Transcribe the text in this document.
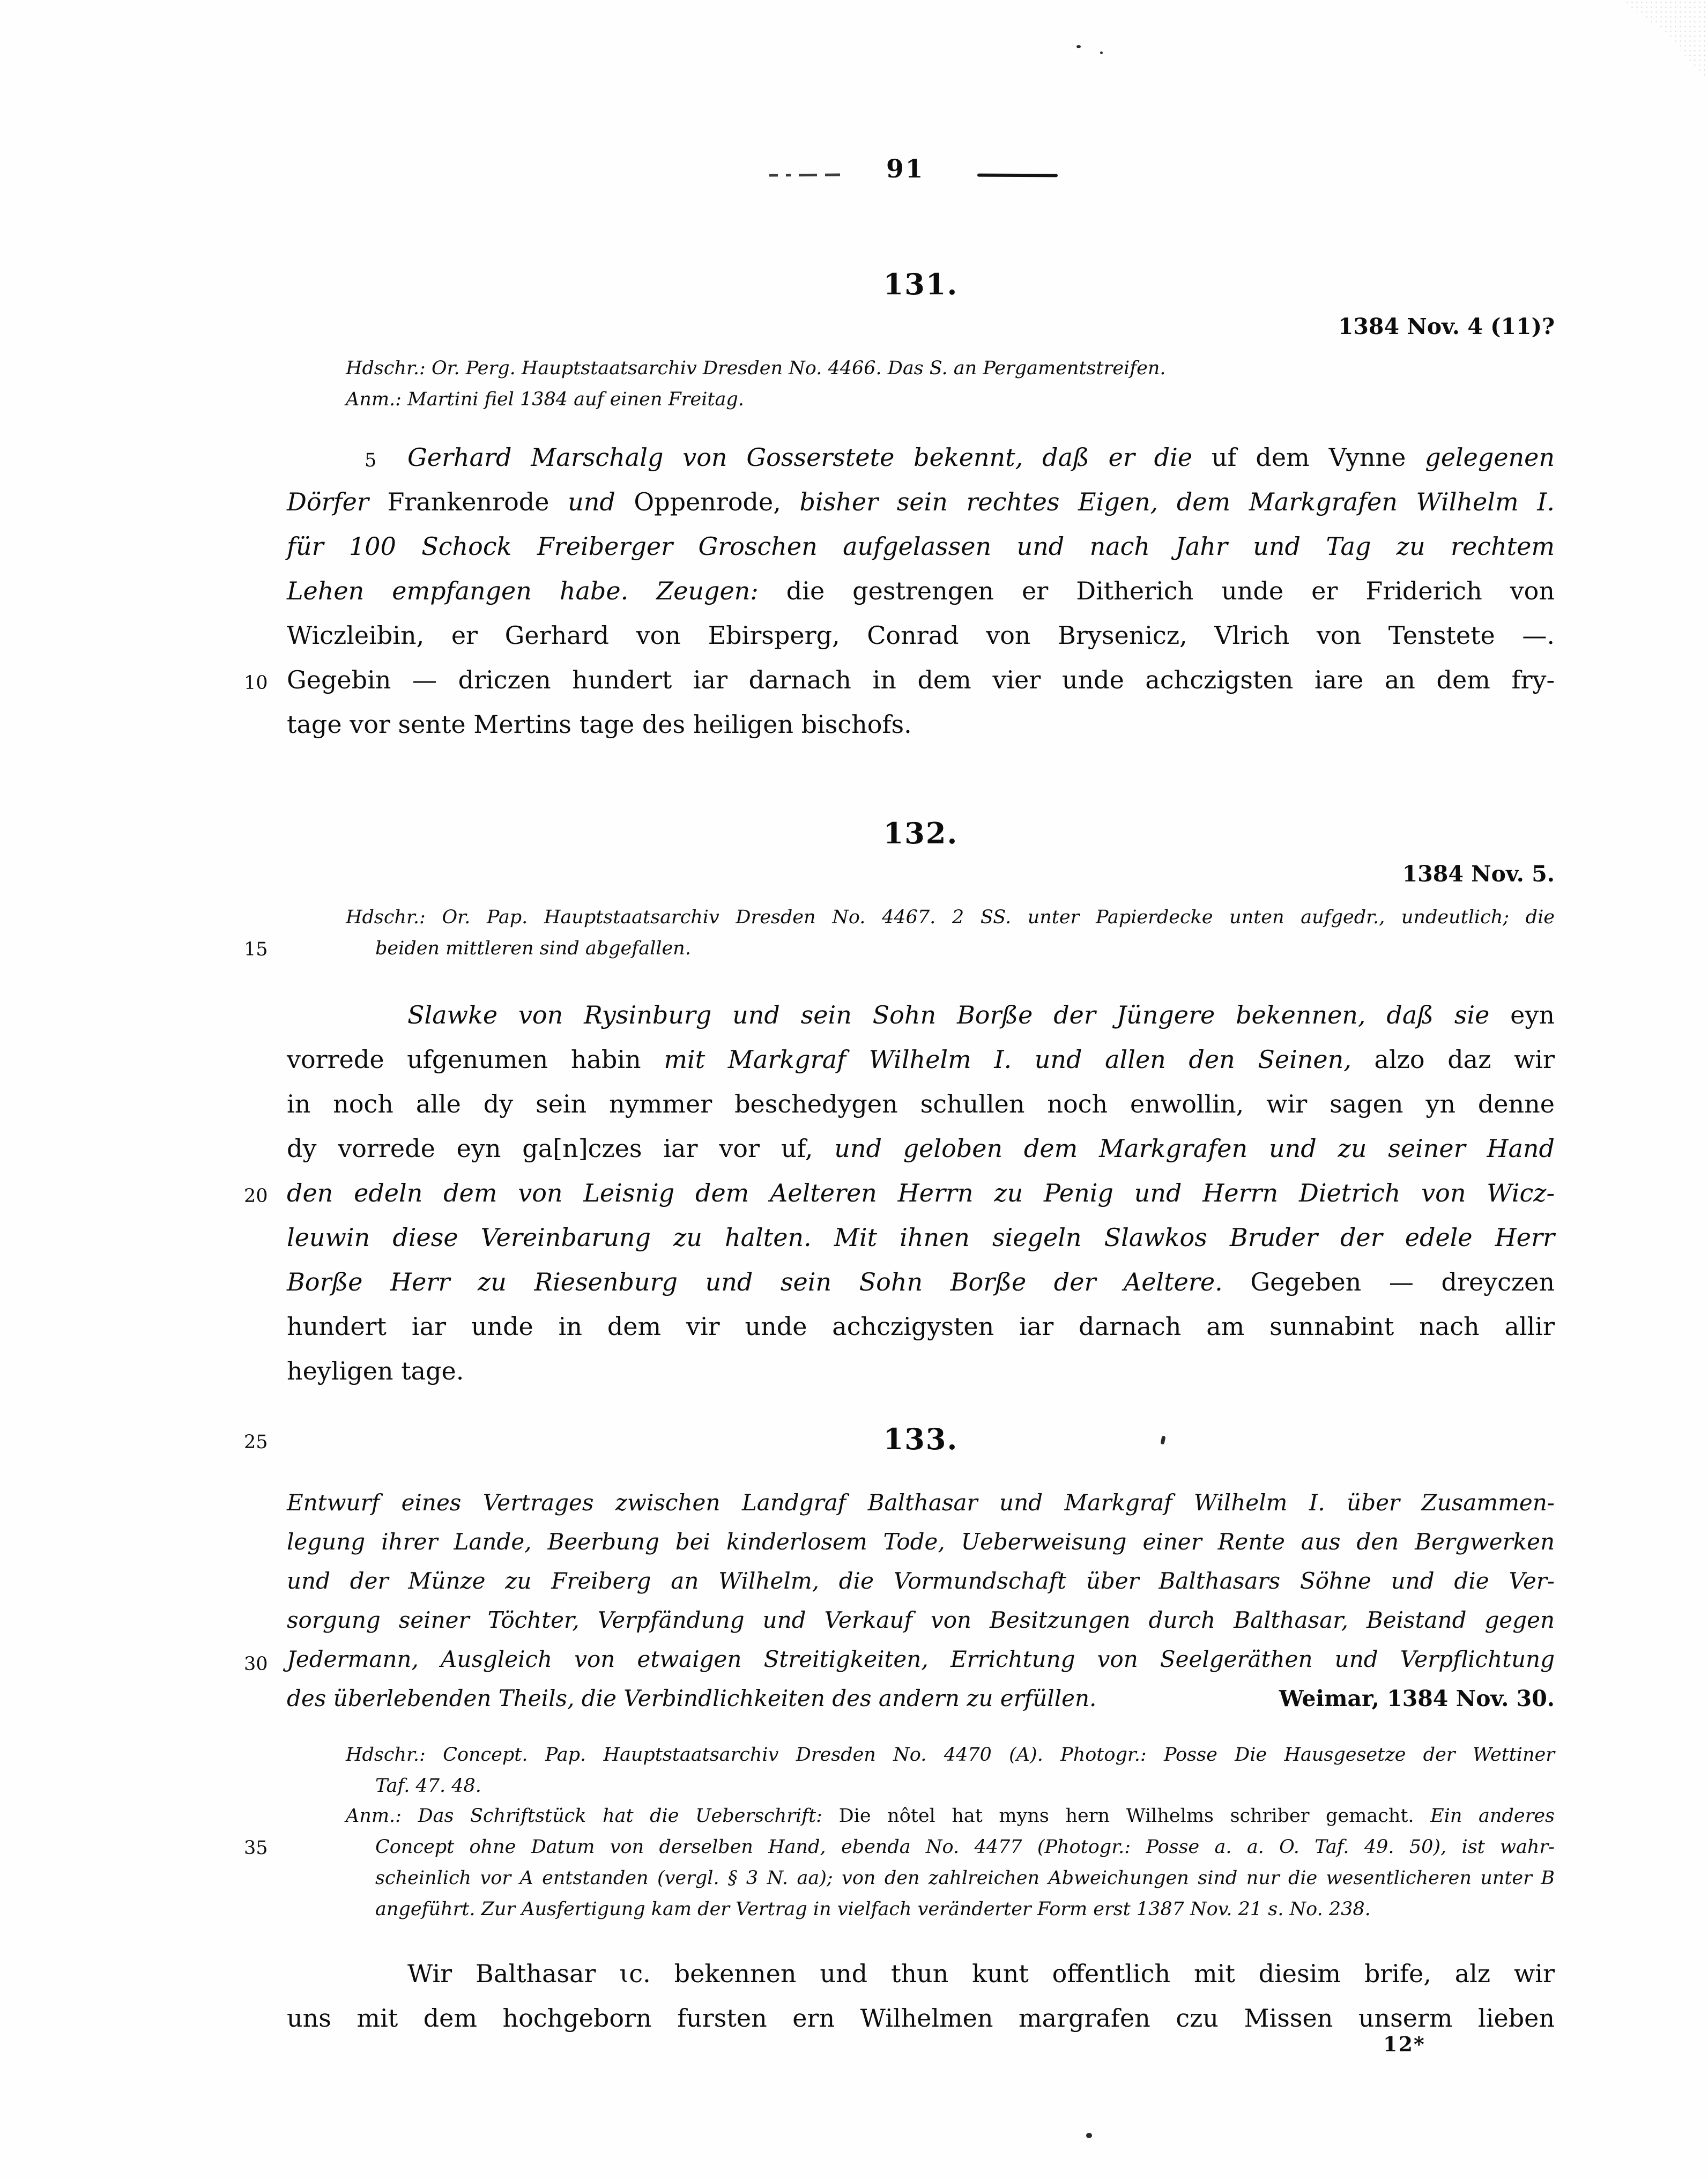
91
131.
1384 Nov. 4 (11)?
Hdschr.: Or. Perg. Hauptstaatsarchiv Dresden No. 4466. Das S. an Pergamentstreifen.
Anm.: Martini fiel 1384 auf einen Freitag.
5 Gerhard Marschalg von Gosserstete bekennt, daß er die uf dem Vynne gelegenen
Dörfer Frankenrode und Oppenrode, bisher sein rechtes Eigen, dem Markgrafen Wilhelm I.
für 100 Schock Freiberger Groschen aufgelassen und nach Jahr und Tag zu rechtem
Lehen empfangen habe. Zeugen: die gestrengen er Ditherich unde er Friderich von
Wiczleibin, er Gerhard von Ebirsperg, Conrad von Brysenicz, Vlrich von Tenstete —.
10 Gegebin — driczen hundert iar darnach in dem vier unde achczigsten iare an dem fry-
tage vor sente Mertins tage des heiligen bischofs.
132.
1384 Nov. 5.
Hdschr.: Or. Pap. Hauptstaatsarchiv Dresden No. 4467. 2 SS. unter Papierdecke unten aufgedr., undeutlich; die
15	beiden mittleren sind abgefallen.
Slawke von Rysinburg und sein Sohn Borße der Jüngere bekennen, daß sie eyn
vorrede ufgenumen habin mit Markgraf Wilhelm I. und allen den Seinen, alzo daz wir
in noch alle dy sein nymmer beschedygen schullen noch enwollin, wir sagen yn denne
dy vorrede eyn ga[n]czes iar vor uf, und geloben dem Markgrafen und zu seiner Hand
20 den edeln dem von Leisnig dem Aelteren Herrn zu Penig und Herrn Dietrich von Wicz-
leuwin diese Vereinbarung zu halten. Mit ihnen siegeln Slawkos Bruder der edele Herr
Borße Herr zu Riesenburg und sein Sohn Borße der Aeltere. Gegeben — dreyczen
hundert iar unde in dem vir unde achczigysten iar darnach am sunnabint nach allir
heyligen tage.
25	133.
Entwurf eines Vertrages zwischen Landgraf Balthasar und Markgraf Wilhelm I. über Zusammen-
legung ihrer Lande, Beerbung bei kinderlosem Tode, Ueberweisung einer Rente aus den Bergwerken
und der Münze zu Freiberg an Wilhelm, die Vormundschaft über Balthasars Söhne und die Ver-
sorgung seiner Töchter, Verpfändung und Verkauf von Besitzungen durch Balthasar, Beistand gegen
30 Jedermann, Ausgleich von etwaigen Streitigkeiten, Errichtung von Seelgeräthen und Verpflichtung
des überlebenden Theils, die Verbindlichkeiten des andern zu erfüllen.	Weimar, 1384 Nov. 30.
Hdschr.: Concept. Pap. Hauptstaatsarchiv Dresden No. 4470 (A). Photogr.: Posse Die Hausgesetze der Wettiner
Taf. 47. 48.
Anm.: Das Schriftstück hat die Ueberschrift: Die nôtel hat myns hern Wilhelms schriber gemacht. Ein anderes
35	Concept ohne Datum von derselben Hand, ebenda No. 4477 (Photogr.: Posse a. a. O. Taf. 49. 50), ist wahr-
scheinlich vor A entstanden (vergl. § 3 N. aa); von den zahlreichen Abweichungen sind nur die wesentlicheren unter B
angeführt. Zur Ausfertigung kam der Vertrag in vielfach veränderter Form erst 1387 Nov. 21 s. No. 238.
Wir Balthasar ɩc. bekennen und thun kunt offentlich mit diesim brife, alz wir
uns mit dem hochgeborn fursten ern Wilhelmen margrafen czu Missen unserm lieben
12*
